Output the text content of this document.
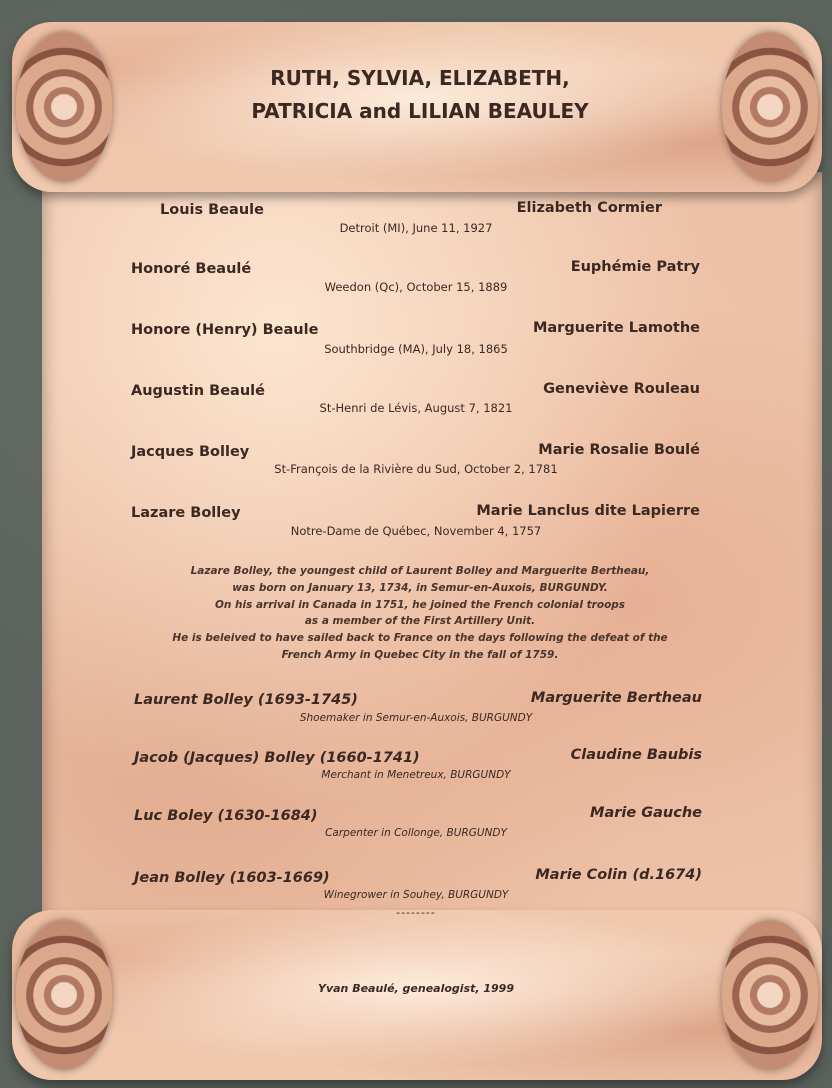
RUTH, SYLVIA, ELIZABETH,
PATRICIA and LILIAN BEAULEY
Louis Beaule	Elizabeth Cormier
Detroit (MI), June 11, 1927
Honoré Beaulé	Euphémie Patry
Weedon (Qc), October 15, 1889
Honore (Henry) Beaule	Marguerite Lamothe
Southbridge (MA), July 18, 1865
Augustin Beaulé	Geneviève Rouleau
St-Henri de Lévis, August 7, 1821
Jacques Bolley	Marie Rosalie Boulé
St-François de la Rivière du Sud, October 2, 1781
Lazare Bolley	Marie Lanclus dite Lapierre
Notre-Dame de Québec, November 4, 1757
Lazare Bolley, the youngest child of Laurent Bolley and Marguerite Bertheau,
was born on January 13, 1734, in Semur-en-Auxois, BURGUNDY.
On his arrival in Canada in 1751, he joined the French colonial troops
as a member of the First Artillery Unit.
He is beleived to have sailed back to France on the days following the defeat of the
French Army in Quebec City in the fall of 1759.
Laurent Bolley (1693-1745)	Marguerite Bertheau
Shoemaker in Semur-en-Auxois, BURGUNDY
Jacob (Jacques) Bolley (1660-1741)	Claudine Baubis
Merchant in Menetreux, BURGUNDY
Luc Boley (1630-1684)	Marie Gauche
Carpenter in Collonge, BURGUNDY
Jean Bolley (1603-1669)	Marie Colin (d.1674)
Winegrower in Souhey, BURGUNDY
--------
Yvan Beaulé, genealogist, 1999
